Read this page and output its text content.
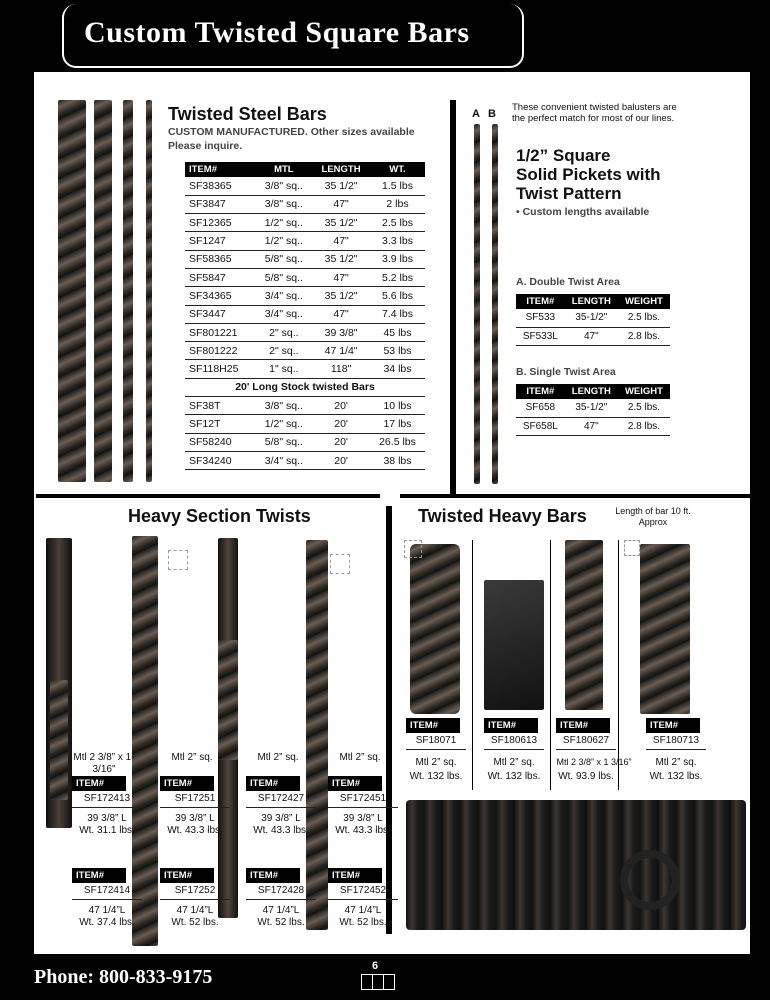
Custom Twisted Square Bars
Twisted Steel Bars
CUSTOM MANUFACTURED. Other sizes available
Please inquire.
ITEM#	MTL	LENGTH	WT.
SF38365	3/8" sq..	35 1/2"	1.5 lbs
SF3847	3/8" sq..	47"	2 lbs
SF12365	1/2" sq..	35 1/2"	2.5 lbs
SF1247	1/2" sq..	47"	3.3 lbs
SF58365	5/8" sq..	35 1/2"	3.9 lbs
SF5847	5/8" sq..	47"	5.2 lbs
SF34365	3/4" sq..	35 1/2"	5.6 lbs
SF3447	3/4" sq..	47"	7.4 lbs
SF801221	2" sq..	39 3/8"	45 lbs
SF801222	2" sq..	47 1/4"	53 lbs
SF118H25	1" sq..	118"	34 lbs
20' Long Stock twisted Bars			
SF38T	3/8" sq..	20'	10 lbs
SF12T	1/2" sq..	20'	17 lbs
SF58240	5/8" sq..	20'	26.5 lbs
SF34240	3/4" sq..	20'	38 lbs
A B
These convenient twisted balusters are the perfect match for most of our lines.
1/2” Square
Solid Pickets with
Twist Pattern
• Custom lengths available
A. Double Twist Area
ITEM#	LENGTH	WEIGHT
SF533	35-1/2"	2.5 lbs.
SF533L	47"	2.8 lbs.
B. Single Twist Area
ITEM#	LENGTH	WEIGHT
SF658	35-1/2"	2.5 lbs.
SF658L	47"	2.8 lbs.
Heavy Section Twists
Mtl 2 3/8” x 1- 3/16"
ITEM#
SF172413
39 3/8” L
Wt. 31.1 lbs.
ITEM#
SF172414
47 1/4”L
Wt. 37.4 lbs.
Mtl 2” sq.
ITEM#
SF17251
39 3/8” L
Wt. 43.3 lbs.
ITEM#
SF17252
47 1/4”L
Wt. 52 lbs.
Mtl 2” sq.
ITEM#
SF172427
39 3/8” L
Wt. 43.3 lbs.
ITEM#
SF172428
47 1/4”L
Wt. 52 lbs.
Mtl 2” sq.
ITEM#
SF172451
39 3/8” L
Wt. 43.3 lbs.
ITEM#
SF172452
47 1/4”L
Wt. 52 lbs.
Twisted Heavy Bars	Length of bar 10 ft. Approx
ITEM#
SF18071
Mtl 2” sq.
Wt. 132 lbs.
ITEM#
SF180613
Mtl 2” sq.
Wt. 132 lbs.
ITEM#
SF180627
Mtl 2 3/8” x 1 3/16”
Wt. 93.9 lbs.
ITEM#
SF180713
Mtl 2” sq.
Wt. 132 lbs.
Phone: 800-833-9175	6
